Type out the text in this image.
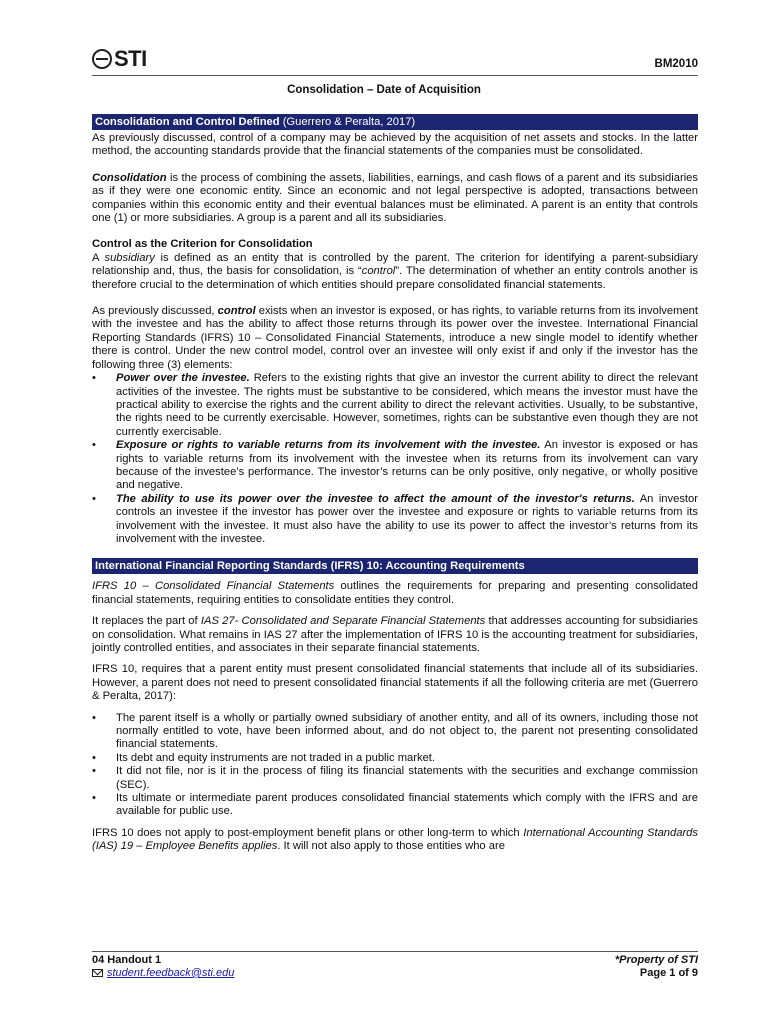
STI	BM2010
Consolidation – Date of Acquisition
Consolidation and Control Defined (Guerrero & Peralta, 2017)

As previously discussed, control of a company may be achieved by the acquisition of net assets and stocks. In the latter method, the accounting standards provide that the financial statements of the companies must be consolidated.

Consolidation is the process of combining the assets, liabilities, earnings, and cash flows of a parent and its subsidiaries as if they were one economic entity. Since an economic and not legal perspective is adopted, transactions between companies within this economic entity and their eventual balances must be eliminated. A parent is an entity that controls one (1) or more subsidiaries. A group is a parent and all its subsidiaries.

Control as the Criterion for Consolidation

A subsidiary is defined as an entity that is controlled by the parent. The criterion for identifying a parent-subsidiary relationship and, thus, the basis for consolidation, is “control”. The determination of whether an entity controls another is therefore crucial to the determination of which entities should prepare consolidated financial statements.

As previously discussed, control exists when an investor is exposed, or has rights, to variable returns from its involvement with the investee and has the ability to affect those returns through its power over the investee. International Financial Reporting Standards (IFRS) 10 – Consolidated Financial Statements, introduce a new single model to identify whether there is control. Under the new control model, control over an investee will only exist if and only if the investor has the following three (3) elements:

• Power over the investee. Refers to the existing rights that give an investor the current ability to direct the relevant activities of the investee. The rights must be substantive to be considered, which means the investor must have the practical ability to exercise the rights and the current ability to direct the relevant activities. Usually, to be substantive, the rights need to be currently exercisable. However, sometimes, rights can be substantive even though they are not currently exercisable.
• Exposure or rights to variable returns from its involvement with the investee. An investor is exposed or has rights to variable returns from its involvement with the investee when its returns from its involvement can vary because of the investee’s performance. The investor’s returns can be only positive, only negative, or wholly positive and negative.
• The ability to use its power over the investee to affect the amount of the investor's returns. An investor controls an investee if the investor has power over the investee and exposure or rights to variable returns from its involvement with the investee. It must also have the ability to use its power to affect the investor’s returns from its involvement with the investee.
International Financial Reporting Standards (IFRS) 10: Accounting Requirements

IFRS 10 – Consolidated Financial Statements outlines the requirements for preparing and presenting consolidated financial statements, requiring entities to consolidate entities they control.

It replaces the part of IAS 27- Consolidated and Separate Financial Statements that addresses accounting for subsidiaries on consolidation. What remains in IAS 27 after the implementation of IFRS 10 is the accounting treatment for subsidiaries, jointly controlled entities, and associates in their separate financial statements.

IFRS 10, requires that a parent entity must present consolidated financial statements that include all of its subsidiaries. However, a parent does not need to present consolidated financial statements if all the following criteria are met (Guerrero & Peralta, 2017):

• The parent itself is a wholly or partially owned subsidiary of another entity, and all of its owners, including those not normally entitled to vote, have been informed about, and do not object to, the parent not presenting consolidated financial statements.
• Its debt and equity instruments are not traded in a public market.
• It did not file, nor is it in the process of filing its financial statements with the securities and exchange commission (SEC).
• Its ultimate or intermediate parent produces consolidated financial statements which comply with the IFRS and are available for public use.

IFRS 10 does not apply to post-employment benefit plans or other long-term to which International Accounting Standards (IAS) 19 – Employee Benefits applies. It will not also apply to those entities who are

04 Handout 1
student.feedback@sti.edu
*Property of STI
Page 1 of 9
